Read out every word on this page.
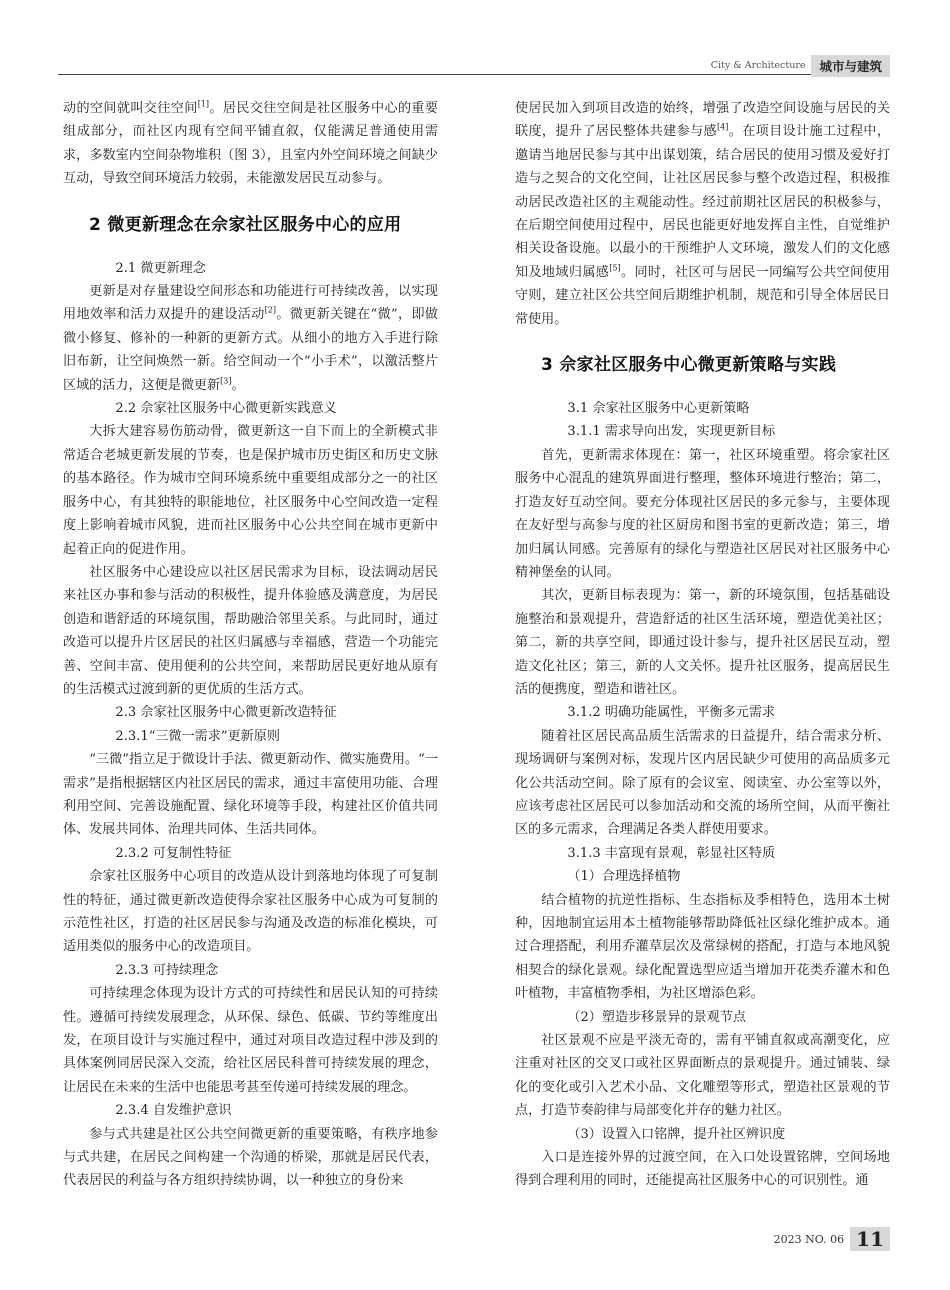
City & Architecture	城市与建筑

动的空间就叫交往空间[1]。居民交往空间是社区服务中心的重要组成部分，而社区内现有空间平铺直叙，仅能满足普通使用需求，多数室内空间杂物堆积（图 3），且室内外空间环境之间缺少互动，导致空间环境活力较弱，未能激发居民互动参与。

2 微更新理念在佘家社区服务中心的应用

2.1 微更新理念

更新是对存量建设空间形态和功能进行可持续改善，以实现用地效率和活力双提升的建设活动[2]。微更新关键在“微”，即做微小修复、修补的一种新的更新方式。从细小的地方入手进行除旧布新，让空间焕然一新。给空间动一个“小手术”，以激活整片区域的活力，这便是微更新[3]。

2.2 佘家社区服务中心微更新实践意义

大拆大建容易伤筋动骨，微更新这一自下而上的全新模式非常适合老城更新发展的节奏，也是保护城市历史街区和历史文脉的基本路径。作为城市空间环境系统中重要组成部分之一的社区服务中心，有其独特的职能地位，社区服务中心空间改造一定程度上影响着城市风貌，进而社区服务中心公共空间在城市更新中起着正向的促进作用。

社区服务中心建设应以社区居民需求为目标，设法调动居民来社区办事和参与活动的积极性，提升体验感及满意度，为居民创造和谐舒适的环境氛围，帮助融洽邻里关系。与此同时，通过改造可以提升片区居民的社区归属感与幸福感，营造一个功能完善、空间丰富、使用便利的公共空间，来帮助居民更好地从原有的生活模式过渡到新的更优质的生活方式。

2.3 佘家社区服务中心微更新改造特征

2.3.1“三微一需求”更新原则

“三微”指立足于微设计手法、微更新动作、微实施费用。“一需求”是指根据辖区内社区居民的需求，通过丰富使用功能、合理利用空间、完善设施配置、绿化环境等手段，构建社区价值共同体、发展共同体、治理共同体、生活共同体。

2.3.2 可复制性特征

佘家社区服务中心项目的改造从设计到落地均体现了可复制性的特征，通过微更新改造使得佘家社区服务中心成为可复制的示范性社区，打造的社区居民参与沟通及改造的标准化模块，可适用类似的服务中心的改造项目。

2.3.3 可持续理念

可持续理念体现为设计方式的可持续性和居民认知的可持续性。遵循可持续发展理念，从环保、绿色、低碳、节约等维度出发，在项目设计与实施过程中，通过对项目改造过程中涉及到的具体案例同居民深入交流，给社区居民科普可持续发展的理念，让居民在未来的生活中也能思考甚至传递可持续发展的理念。

2.3.4 自发维护意识

参与式共建是社区公共空间微更新的重要策略，有秩序地参与式共建，在居民之间构建一个沟通的桥梁，那就是居民代表，代表居民的利益与各方组织持续协调，以一种独立的身份来

使居民加入到项目改造的始终，增强了改造空间设施与居民的关联度，提升了居民整体共建参与感[4]。在项目设计施工过程中，邀请当地居民参与其中出谋划策，结合居民的使用习惯及爱好打造与之契合的文化空间，让社区居民参与整个改造过程，积极推动居民改造社区的主观能动性。经过前期社区居民的积极参与，在后期空间使用过程中，居民也能更好地发挥自主性，自觉维护相关设备设施。以最小的干预维护人文环境，激发人们的文化感知及地域归属感[5]。同时，社区可与居民一同编写公共空间使用守则，建立社区公共空间后期维护机制，规范和引导全体居民日常使用。

3 佘家社区服务中心微更新策略与实践

3.1 佘家社区服务中心更新策略

3.1.1 需求导向出发，实现更新目标

首先，更新需求体现在：第一，社区环境重塑。将佘家社区服务中心混乱的建筑界面进行整理，整体环境进行整治；第二，打造友好互动空间。要充分体现社区居民的多元参与，主要体现在友好型与高参与度的社区厨房和图书室的更新改造；第三，增加归属认同感。完善原有的绿化与塑造社区居民对社区服务中心精神堡垒的认同。

其次，更新目标表现为：第一，新的环境氛围，包括基础设施整治和景观提升，营造舒适的社区生活环境，塑造优美社区；第二，新的共享空间，即通过设计参与，提升社区居民互动，塑造文化社区；第三，新的人文关怀。提升社区服务，提高居民生活的便携度，塑造和谐社区。

3.1.2 明确功能属性，平衡多元需求

随着社区居民高品质生活需求的日益提升，结合需求分析、现场调研与案例对标，发现片区内居民缺少可使用的高品质多元化公共活动空间。除了原有的会议室、阅读室、办公室等以外，应该考虑社区居民可以参加活动和交流的场所空间，从而平衡社区的多元需求，合理满足各类人群使用要求。

3.1.3 丰富现有景观，彰显社区特质

（1）合理选择植物

结合植物的抗逆性指标、生态指标及季相特色，选用本土树种，因地制宜运用本土植物能够帮助降低社区绿化维护成本。通过合理搭配，利用乔灌草层次及常绿树的搭配，打造与本地风貌相契合的绿化景观。绿化配置选型应适当增加开花类乔灌木和色叶植物，丰富植物季相，为社区增添色彩。

（2）塑造步移景异的景观节点

社区景观不应是平淡无奇的，需有平铺直叙或高潮变化，应注重对社区的交叉口或社区界面断点的景观提升。通过铺装、绿化的变化或引入艺术小品、文化雕塑等形式，塑造社区景观的节点，打造节奏韵律与局部变化并存的魅力社区。

（3）设置入口铭牌，提升社区辨识度

入口是连接外界的过渡空间，在入口处设置铭牌，空间场地得到合理利用的同时，还能提高社区服务中心的可识别性。通

2023 NO. 06 11
